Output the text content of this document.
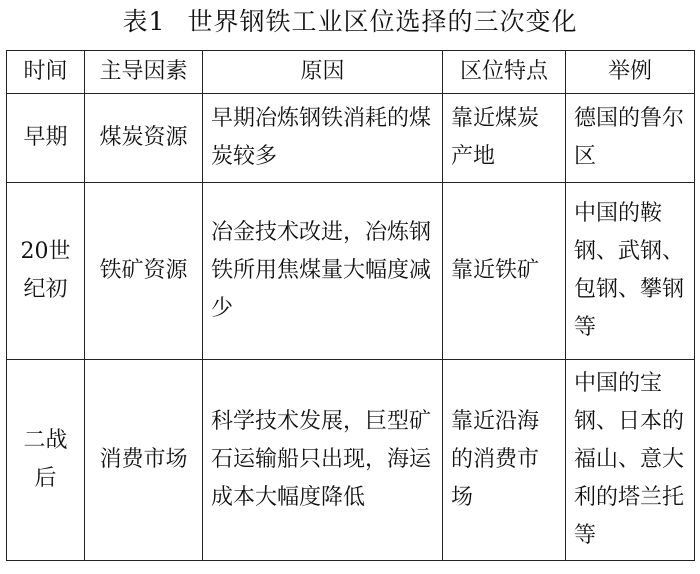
表1 世界钢铁工业区位选择的三次变化
时间	主导因素	原因	区位特点	举例
早期	煤炭资源	早期冶炼钢铁消耗的煤炭较多	靠近煤炭产地	德国的鲁尔区
20世纪初	铁矿资源	冶金技术改进，冶炼钢铁所用焦煤量大幅度减少	靠近铁矿	中国的鞍钢、武钢、包钢、攀钢等
二战后	消费市场	科学技术发展，巨型矿石运输船只出现，海运成本大幅度降低	靠近沿海的消费市场	中国的宝钢、日本的福山、意大利的塔兰托等
